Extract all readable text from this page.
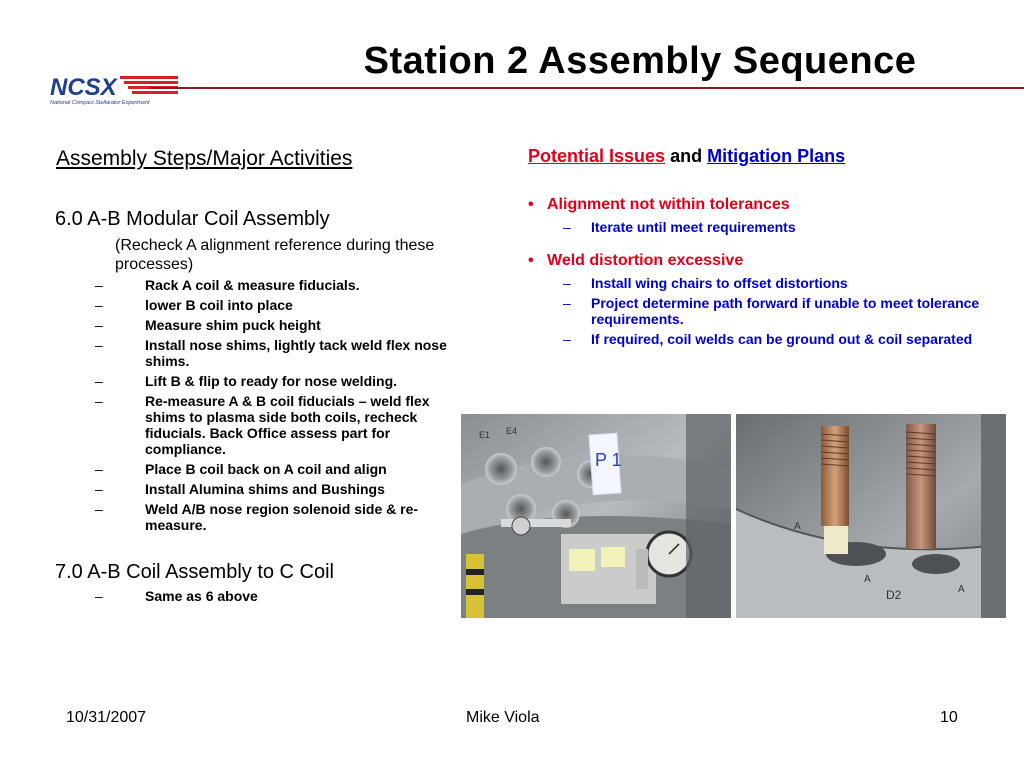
Station 2 Assembly Sequence
NCSX
National Compact Stellarator Experiment
Assembly Steps/Major Activities
6.0 A-B Modular Coil Assembly
(Recheck A alignment reference during these processes)
–	Rack A coil & measure fiducials.
–	lower B coil into place
–	Measure shim puck height
–	Install nose shims, lightly tack weld flex nose shims.
–	Lift B & flip to ready for nose welding.
–	Re-measure A & B coil fiducials – weld flex shims to plasma side both coils, recheck fiducials. Back Office assess part for compliance.
–	Place B coil back on A coil and align
–	Install Alumina shims and Bushings
–	Weld A/B nose region solenoid side & re-measure.
7.0 A-B Coil Assembly to C Coil
–	Same as 6 above
Potential Issues and Mitigation Plans
• Alignment not within tolerances
– Iterate until meet requirements
• Weld distortion excessive
– Install wing chairs to offset distortions
– Project determine path forward if unable to meet tolerance requirements.
– If required, coil welds can be ground out & coil separated
E1 E4
P 1
A
A
D2	A
10/31/2007	Mike Viola	10
